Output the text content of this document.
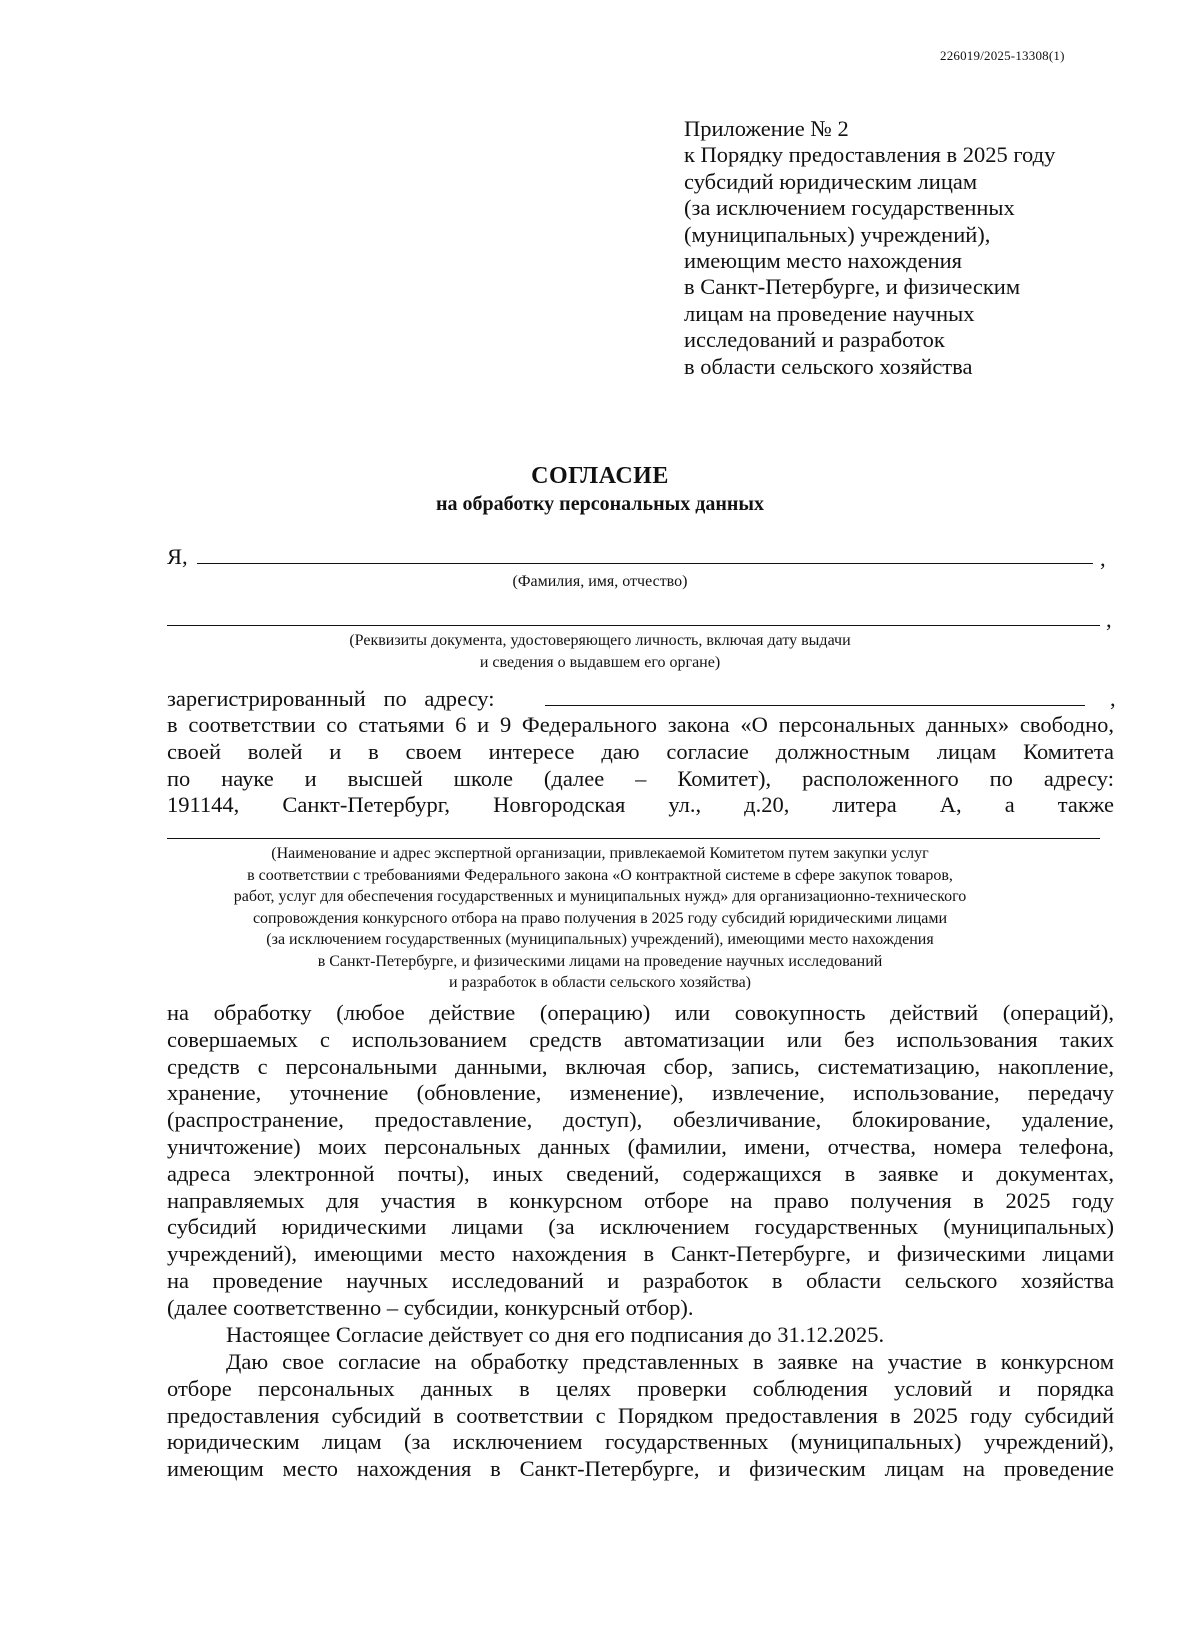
226019/2025-13308(1)
Приложение № 2
к Порядку предоставления в 2025 году
субсидий юридическим лицам
(за исключением государственных
(муниципальных) учреждений),
имеющим место нахождения
в Санкт-Петербурге, и физическим
лицам на проведение научных
исследований и разработок
в области сельского хозяйства
СОГЛАСИЕ
на обработку персональных данных
Я,	,
(Фамилия, имя, отчество)
,
(Реквизиты документа, удостоверяющего личность, включая дату выдачи
и сведения о выдавшем его органе)
зарегистрированный по адресу:	,
в соответствии со статьями 6 и 9 Федерального закона «О персональных данных» свободно,
своей волей и в своем интересе даю согласие должностным лицам Комитета
по науке и высшей школе (далее – Комитет), расположенного по адресу:
191144, Санкт-Петербург, Новгородская ул., д.20, литера А, а также
(Наименование и адрес экспертной организации, привлекаемой Комитетом путем закупки услуг
в соответствии с требованиями Федерального закона «О контрактной системе в сфере закупок товаров,
работ, услуг для обеспечения государственных и муниципальных нужд» для организационно-технического
сопровождения конкурсного отбора на право получения в 2025 году субсидий юридическими лицами
(за исключением государственных (муниципальных) учреждений), имеющими место нахождения
в Санкт-Петербурге, и физическими лицами на проведение научных исследований
и разработок в области сельского хозяйства)
на обработку (любое действие (операцию) или совокупность действий (операций),
совершаемых с использованием средств автоматизации или без использования таких
средств с персональными данными, включая сбор, запись, систематизацию, накопление,
хранение, уточнение (обновление, изменение), извлечение, использование, передачу
(распространение, предоставление, доступ), обезличивание, блокирование, удаление,
уничтожение) моих персональных данных (фамилии, имени, отчества, номера телефона,
адреса электронной почты), иных сведений, содержащихся в заявке и документах,
направляемых для участия в конкурсном отборе на право получения в 2025 году
субсидий юридическими лицами (за исключением государственных (муниципальных)
учреждений), имеющими место нахождения в Санкт-Петербурге, и физическими лицами
на проведение научных исследований и разработок в области сельского хозяйства
(далее соответственно – субсидии, конкурсный отбор).
Настоящее Согласие действует со дня его подписания до 31.12.2025.
Даю свое согласие на обработку представленных в заявке на участие в конкурсном
отборе персональных данных в целях проверки соблюдения условий и порядка
предоставления субсидий в соответствии с Порядком предоставления в 2025 году субсидий
юридическим лицам (за исключением государственных (муниципальных) учреждений),
имеющим место нахождения в Санкт-Петербурге, и физическим лицам на проведение
